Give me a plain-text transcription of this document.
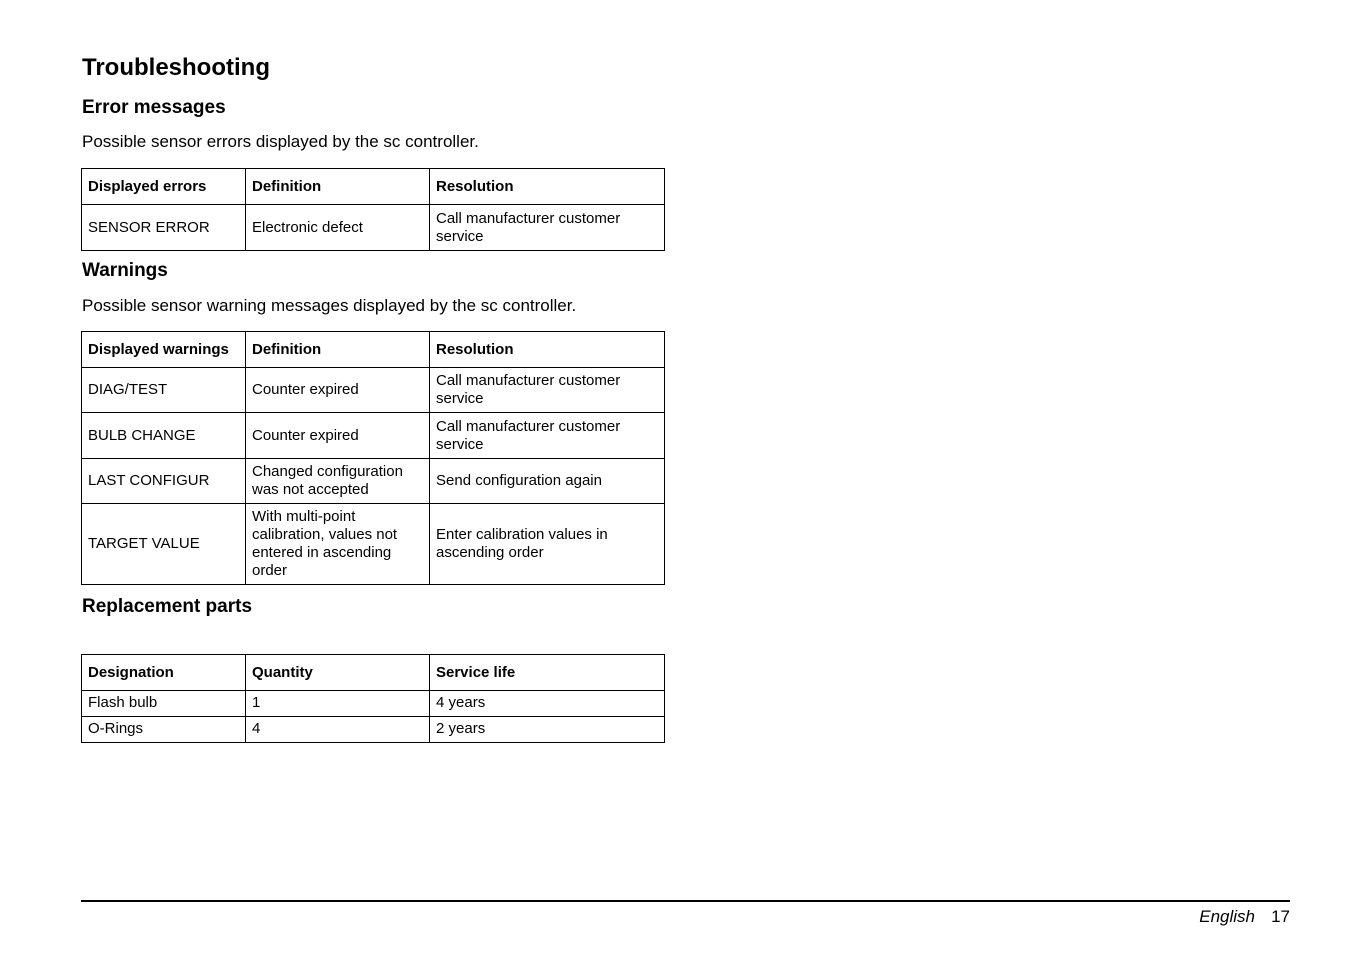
Troubleshooting
Error messages

Possible sensor errors displayed by the sc controller.

Displayed errors	Definition	Resolution
SENSOR ERROR	Electronic defect	Call manufacturer customer service
Warnings

Possible sensor warning messages displayed by the sc controller.

Displayed warnings	Definition	Resolution
DIAG/TEST	Counter expired	Call manufacturer customer service
BULB CHANGE	Counter expired	Call manufacturer customer service
LAST CONFIGUR	Changed configuration was not accepted	Send configuration again
TARGET VALUE	With multi-point calibration, values not entered in ascending order	Enter calibration values in ascending order
Replacement parts
Designation	Quantity	Service life
Flash bulb	1	4 years
O-Rings	4	2 years
English 17
